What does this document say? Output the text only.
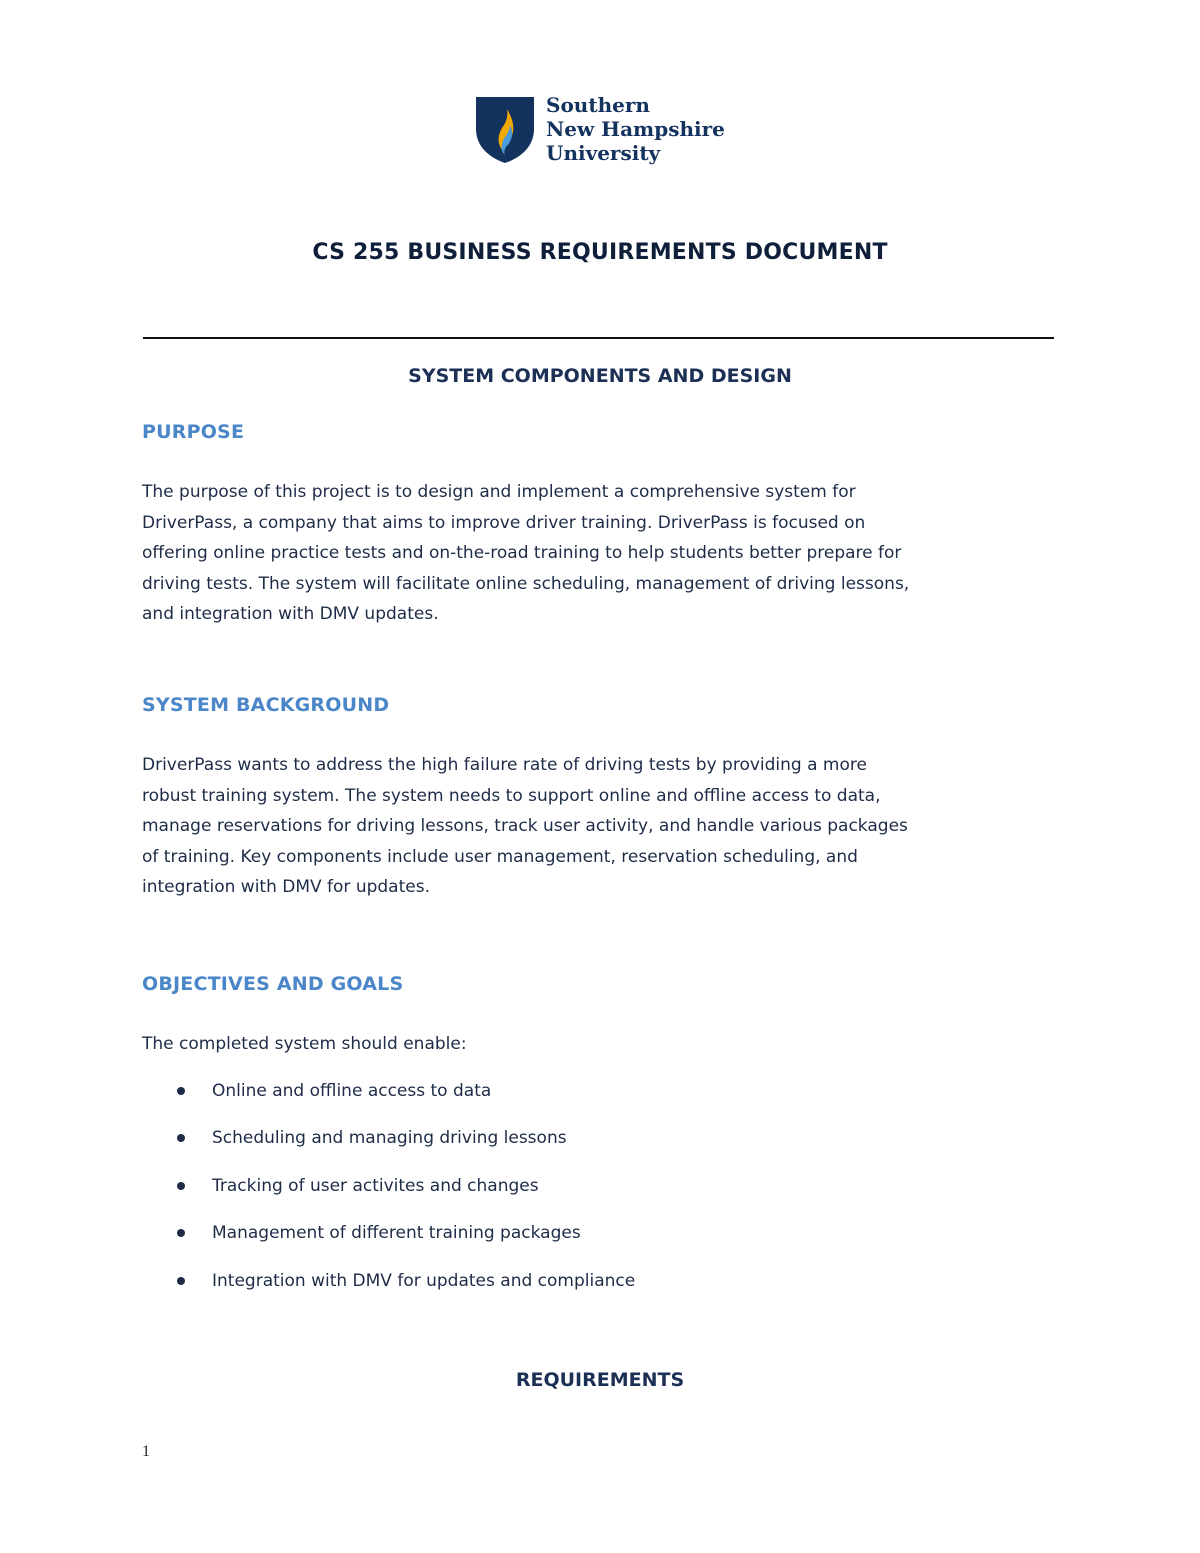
Southern
New Hampshire
University
CS 255 BUSINESS REQUIREMENTS DOCUMENT
SYSTEM COMPONENTS AND DESIGN
PURPOSE
The purpose of this project is to design and implement a comprehensive system for
DriverPass, a company that aims to improve driver training. DriverPass is focused on
offering online practice tests and on-the-road training to help students better prepare for
driving tests. The system will facilitate online scheduling, management of driving lessons,
and integration with DMV updates.
SYSTEM BACKGROUND
DriverPass wants to address the high failure rate of driving tests by providing a more
robust training system. The system needs to support online and offline access to data,
manage reservations for driving lessons, track user activity, and handle various packages
of training. Key components include user management, reservation scheduling, and
integration with DMV for updates.
OBJECTIVES AND GOALS
The completed system should enable:
Online and offline access to data
Scheduling and managing driving lessons
Tracking of user activites and changes
Management of different training packages
Integration with DMV for updates and compliance
REQUIREMENTS
1
